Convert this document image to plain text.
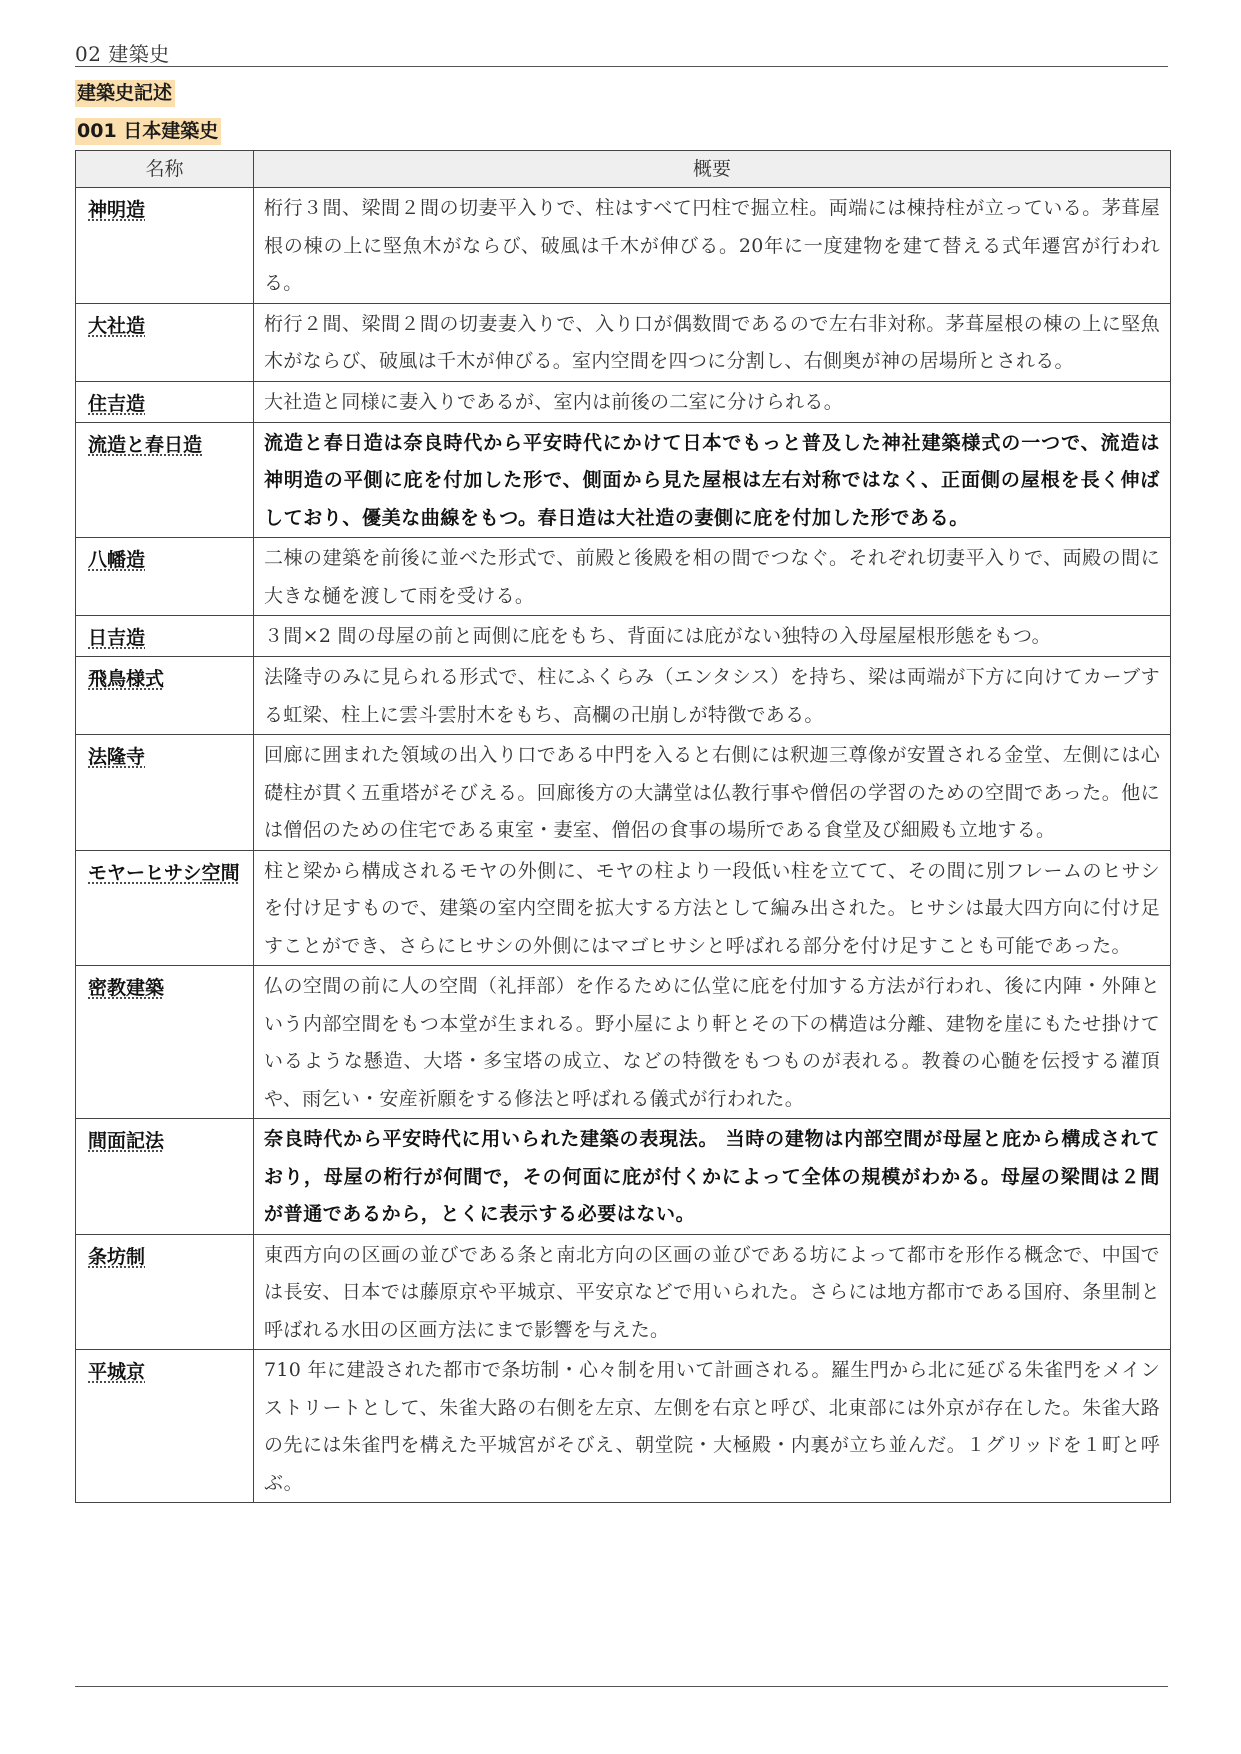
02 建築史
建築史記述
001 日本建築史
名称	概要
神明造	桁行３間、梁間２間の切妻平入りで、柱はすべて円柱で掘立柱。両端には棟持柱が立っている。茅葺屋根の棟の上に堅魚木がならび、破風は千木が伸びる。20年に一度建物を建て替える式年遷宮が行われる。
大社造	桁行２間、梁間２間の切妻妻入りで、入り口が偶数間であるので左右非対称。茅葺屋根の棟の上に堅魚木がならび、破風は千木が伸びる。室内空間を四つに分割し、右側奥が神の居場所とされる。
住吉造	大社造と同様に妻入りであるが、室内は前後の二室に分けられる。
流造と春日造	流造と春日造は奈良時代から平安時代にかけて日本でもっと普及した神社建築様式の一つで、流造は神明造の平側に庇を付加した形で、側面から見た屋根は左右対称ではなく、正面側の屋根を長く伸ばしており、優美な曲線をもつ。春日造は大社造の妻側に庇を付加した形である。
八幡造	二棟の建築を前後に並べた形式で、前殿と後殿を相の間でつなぐ。それぞれ切妻平入りで、両殿の間に大きな樋を渡して雨を受ける。
日吉造	３間×2 間の母屋の前と両側に庇をもち、背面には庇がない独特の入母屋屋根形態をもつ。
飛鳥様式	法隆寺のみに見られる形式で、柱にふくらみ（エンタシス）を持ち、梁は両端が下方に向けてカーブする虹梁、柱上に雲斗雲肘木をもち、高欄の卍崩しが特徴である。
法隆寺	回廊に囲まれた領域の出入り口である中門を入ると右側には釈迦三尊像が安置される金堂、左側には心礎柱が貫く五重塔がそびえる。回廊後方の大講堂は仏教行事や僧侶の学習のための空間であった。他には僧侶のための住宅である東室・妻室、僧侶の食事の場所である食堂及び細殿も立地する。
モヤーヒサシ空間	柱と梁から構成されるモヤの外側に、モヤの柱より一段低い柱を立てて、その間に別フレームのヒサシを付け足すもので、建築の室内空間を拡大する方法として編み出された。ヒサシは最大四方向に付け足すことができ、さらにヒサシの外側にはマゴヒサシと呼ばれる部分を付け足すことも可能であった。
密教建築	仏の空間の前に人の空間（礼拝部）を作るために仏堂に庇を付加する方法が行われ、後に内陣・外陣という内部空間をもつ本堂が生まれる。野小屋により軒とその下の構造は分離、建物を崖にもたせ掛けているような懸造、大塔・多宝塔の成立、などの特徴をもつものが表れる。教養の心髄を伝授する灌頂や、雨乞い・安産祈願をする修法と呼ばれる儀式が行われた。
間面記法	奈良時代から平安時代に用いられた建築の表現法。 当時の建物は内部空間が母屋と庇から構成されており，母屋の桁行が何間で，その何面に庇が付くかによって全体の規模がわかる。母屋の梁間は２間が普通であるから，とくに表示する必要はない。
条坊制	東西方向の区画の並びである条と南北方向の区画の並びである坊によって都市を形作る概念で、中国では長安、日本では藤原京や平城京、平安京などで用いられた。さらには地方都市である国府、条里制と呼ばれる水田の区画方法にまで影響を与えた。
平城京	710 年に建設された都市で条坊制・心々制を用いて計画される。羅生門から北に延びる朱雀門をメインストリートとして、朱雀大路の右側を左京、左側を右京と呼び、北東部には外京が存在した。朱雀大路の先には朱雀門を構えた平城宮がそびえ、朝堂院・大極殿・内裏が立ち並んだ。１グリッドを１町と呼ぶ。
